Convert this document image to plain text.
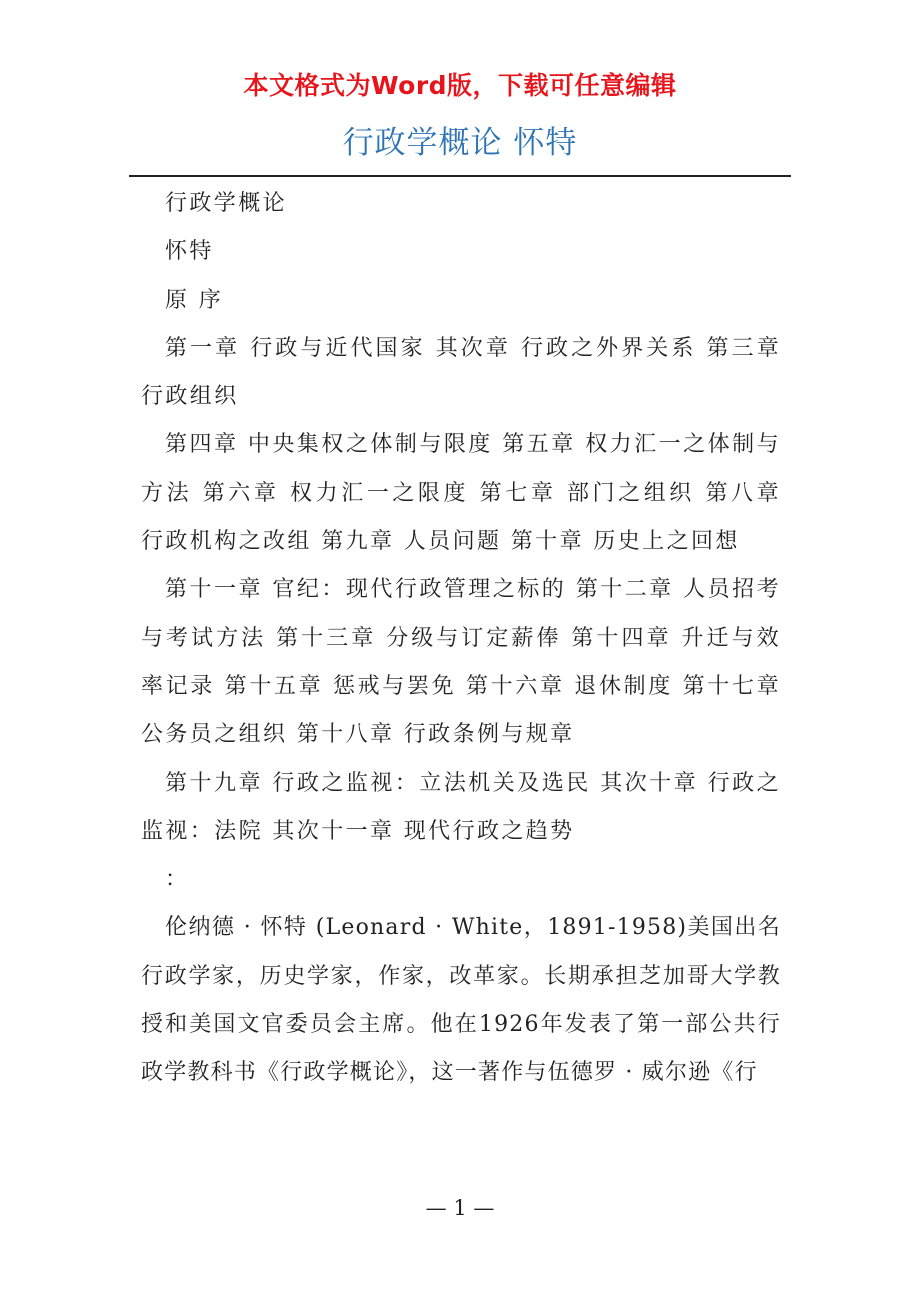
本文格式为Word版，下载可任意编辑
行政学概论 怀特

行政学概论

怀特

原 序

第一章 行政与近代国家 其次章 行政之外界关系 第三章 行政组织

第四章 中央集权之体制与限度 第五章 权力汇一之体制与方法 第六章 权力汇一之限度 第七章 部门之组织 第八章 行政机构之改组 第九章 人员问题 第十章 历史上之回想

第十一章 官纪：现代行政管理之标的 第十二章 人员招考与考试方法 第十三章 分级与订定薪俸 第十四章 升迁与效率记录 第十五章 惩戒与罢免 第十六章 退休制度 第十七章 公务员之组织 第十八章 行政条例与规章

第十九章 行政之监视：立法机关及选民 其次十章 行政之监视：法院 其次十一章 现代行政之趋势

：

伦纳德 · 怀特 (Leonard · White，1891-1958)美国出名行政学家，历史学家，作家，改革家。长期承担芝加哥大学教授和美国文官委员会主席。他在1926年发表了第一部公共行政学教科书《行政学概论》，这一著作与伍德罗 · 威尔逊《行

— 1 —
